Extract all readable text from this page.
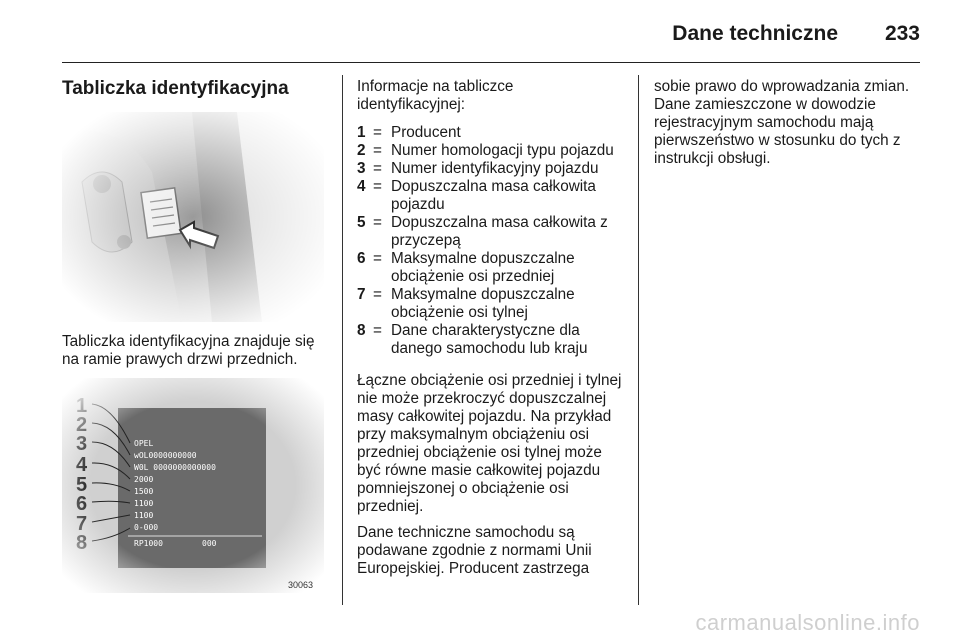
Dane techniczne 233
Tabliczka identyfikacyjna
Tabliczka identyfikacyjna znajduje się na ramie prawych drzwi przednich.
30063

Informacje na tabliczce identyfikacyjnej:

1 = Producent
2 = Numer homologacji typu pojazdu
3 = Numer identyfikacyjny pojazdu
4 = Dopuszczalna masa całkowita pojazdu
5 = Dopuszczalna masa całkowita z przyczepą
6 = Maksymalne dopuszczalne obciążenie osi przedniej
7 = Maksymalne dopuszczalne obciążenie osi tylnej
8 = Dane charakterystyczne dla danego samochodu lub kraju

Łączne obciążenie osi przedniej i tylnej nie może przekroczyć dopuszczalnej masy całkowitej pojazdu. Na przykład przy maksymalnym obciążeniu osi przedniej obciążenie osi tylnej może być równe masie całkowitej pojazdu pomniejszonej o obciążenie osi przedniej.

Dane techniczne samochodu są podawane zgodnie z normami Unii Europejskiej. Producent zastrzega

sobie prawo do wprowadzania zmian. Dane zamieszczone w dowodzie rejestracyjnym samochodu mają pierwszeństwo w stosunku do tych z instrukcji obsługi.

carmanualsonline.info
